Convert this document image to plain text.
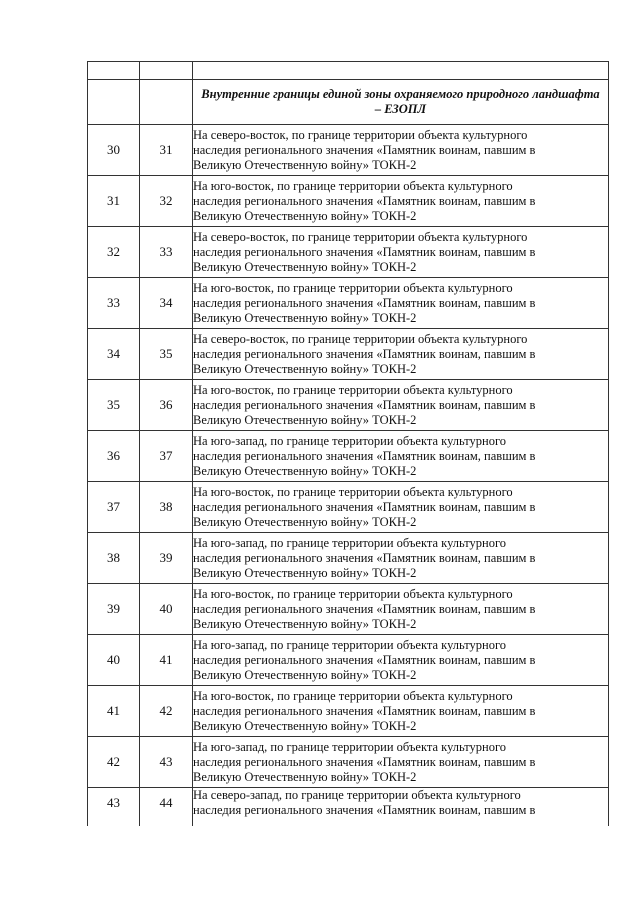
		Внутренние границы единой зоны охраняемого природного ландшафта – ЕЗОПЛ

30	31	На северо-восток, по границе территории объекта культурного
наследия регионального значения «Памятник воинам, павшим в
Великую Отечественную войну» ТОКН-2

31	32	На юго-восток, по границе территории объекта культурного
наследия регионального значения «Памятник воинам, павшим в
Великую Отечественную войну» ТОКН-2

32	33	На северо-восток, по границе территории объекта культурного
наследия регионального значения «Памятник воинам, павшим в
Великую Отечественную войну» ТОКН-2

33	34	На юго-восток, по границе территории объекта культурного
наследия регионального значения «Памятник воинам, павшим в
Великую Отечественную войну» ТОКН-2

34	35	На северо-восток, по границе территории объекта культурного
наследия регионального значения «Памятник воинам, павшим в
Великую Отечественную войну» ТОКН-2

35	36	На юго-восток, по границе территории объекта культурного
наследия регионального значения «Памятник воинам, павшим в
Великую Отечественную войну» ТОКН-2

36	37	На юго-запад, по границе территории объекта культурного
наследия регионального значения «Памятник воинам, павшим в
Великую Отечественную войну» ТОКН-2

37	38	На юго-восток, по границе территории объекта культурного
наследия регионального значения «Памятник воинам, павшим в
Великую Отечественную войну» ТОКН-2

38	39	На юго-запад, по границе территории объекта культурного
наследия регионального значения «Памятник воинам, павшим в
Великую Отечественную войну» ТОКН-2

39	40	На юго-восток, по границе территории объекта культурного
наследия регионального значения «Памятник воинам, павшим в
Великую Отечественную войну» ТОКН-2

40	41	На юго-запад, по границе территории объекта культурного
наследия регионального значения «Памятник воинам, павшим в
Великую Отечественную войну» ТОКН-2

41	42	На юго-восток, по границе территории объекта культурного
наследия регионального значения «Памятник воинам, павшим в
Великую Отечественную войну» ТОКН-2

42	43	На юго-запад, по границе территории объекта культурного
наследия регионального значения «Памятник воинам, павшим в
Великую Отечественную войну» ТОКН-2

43	44	На северо-запад, по границе территории объекта культурного
наследия регионального значения «Памятник воинам, павшим в
